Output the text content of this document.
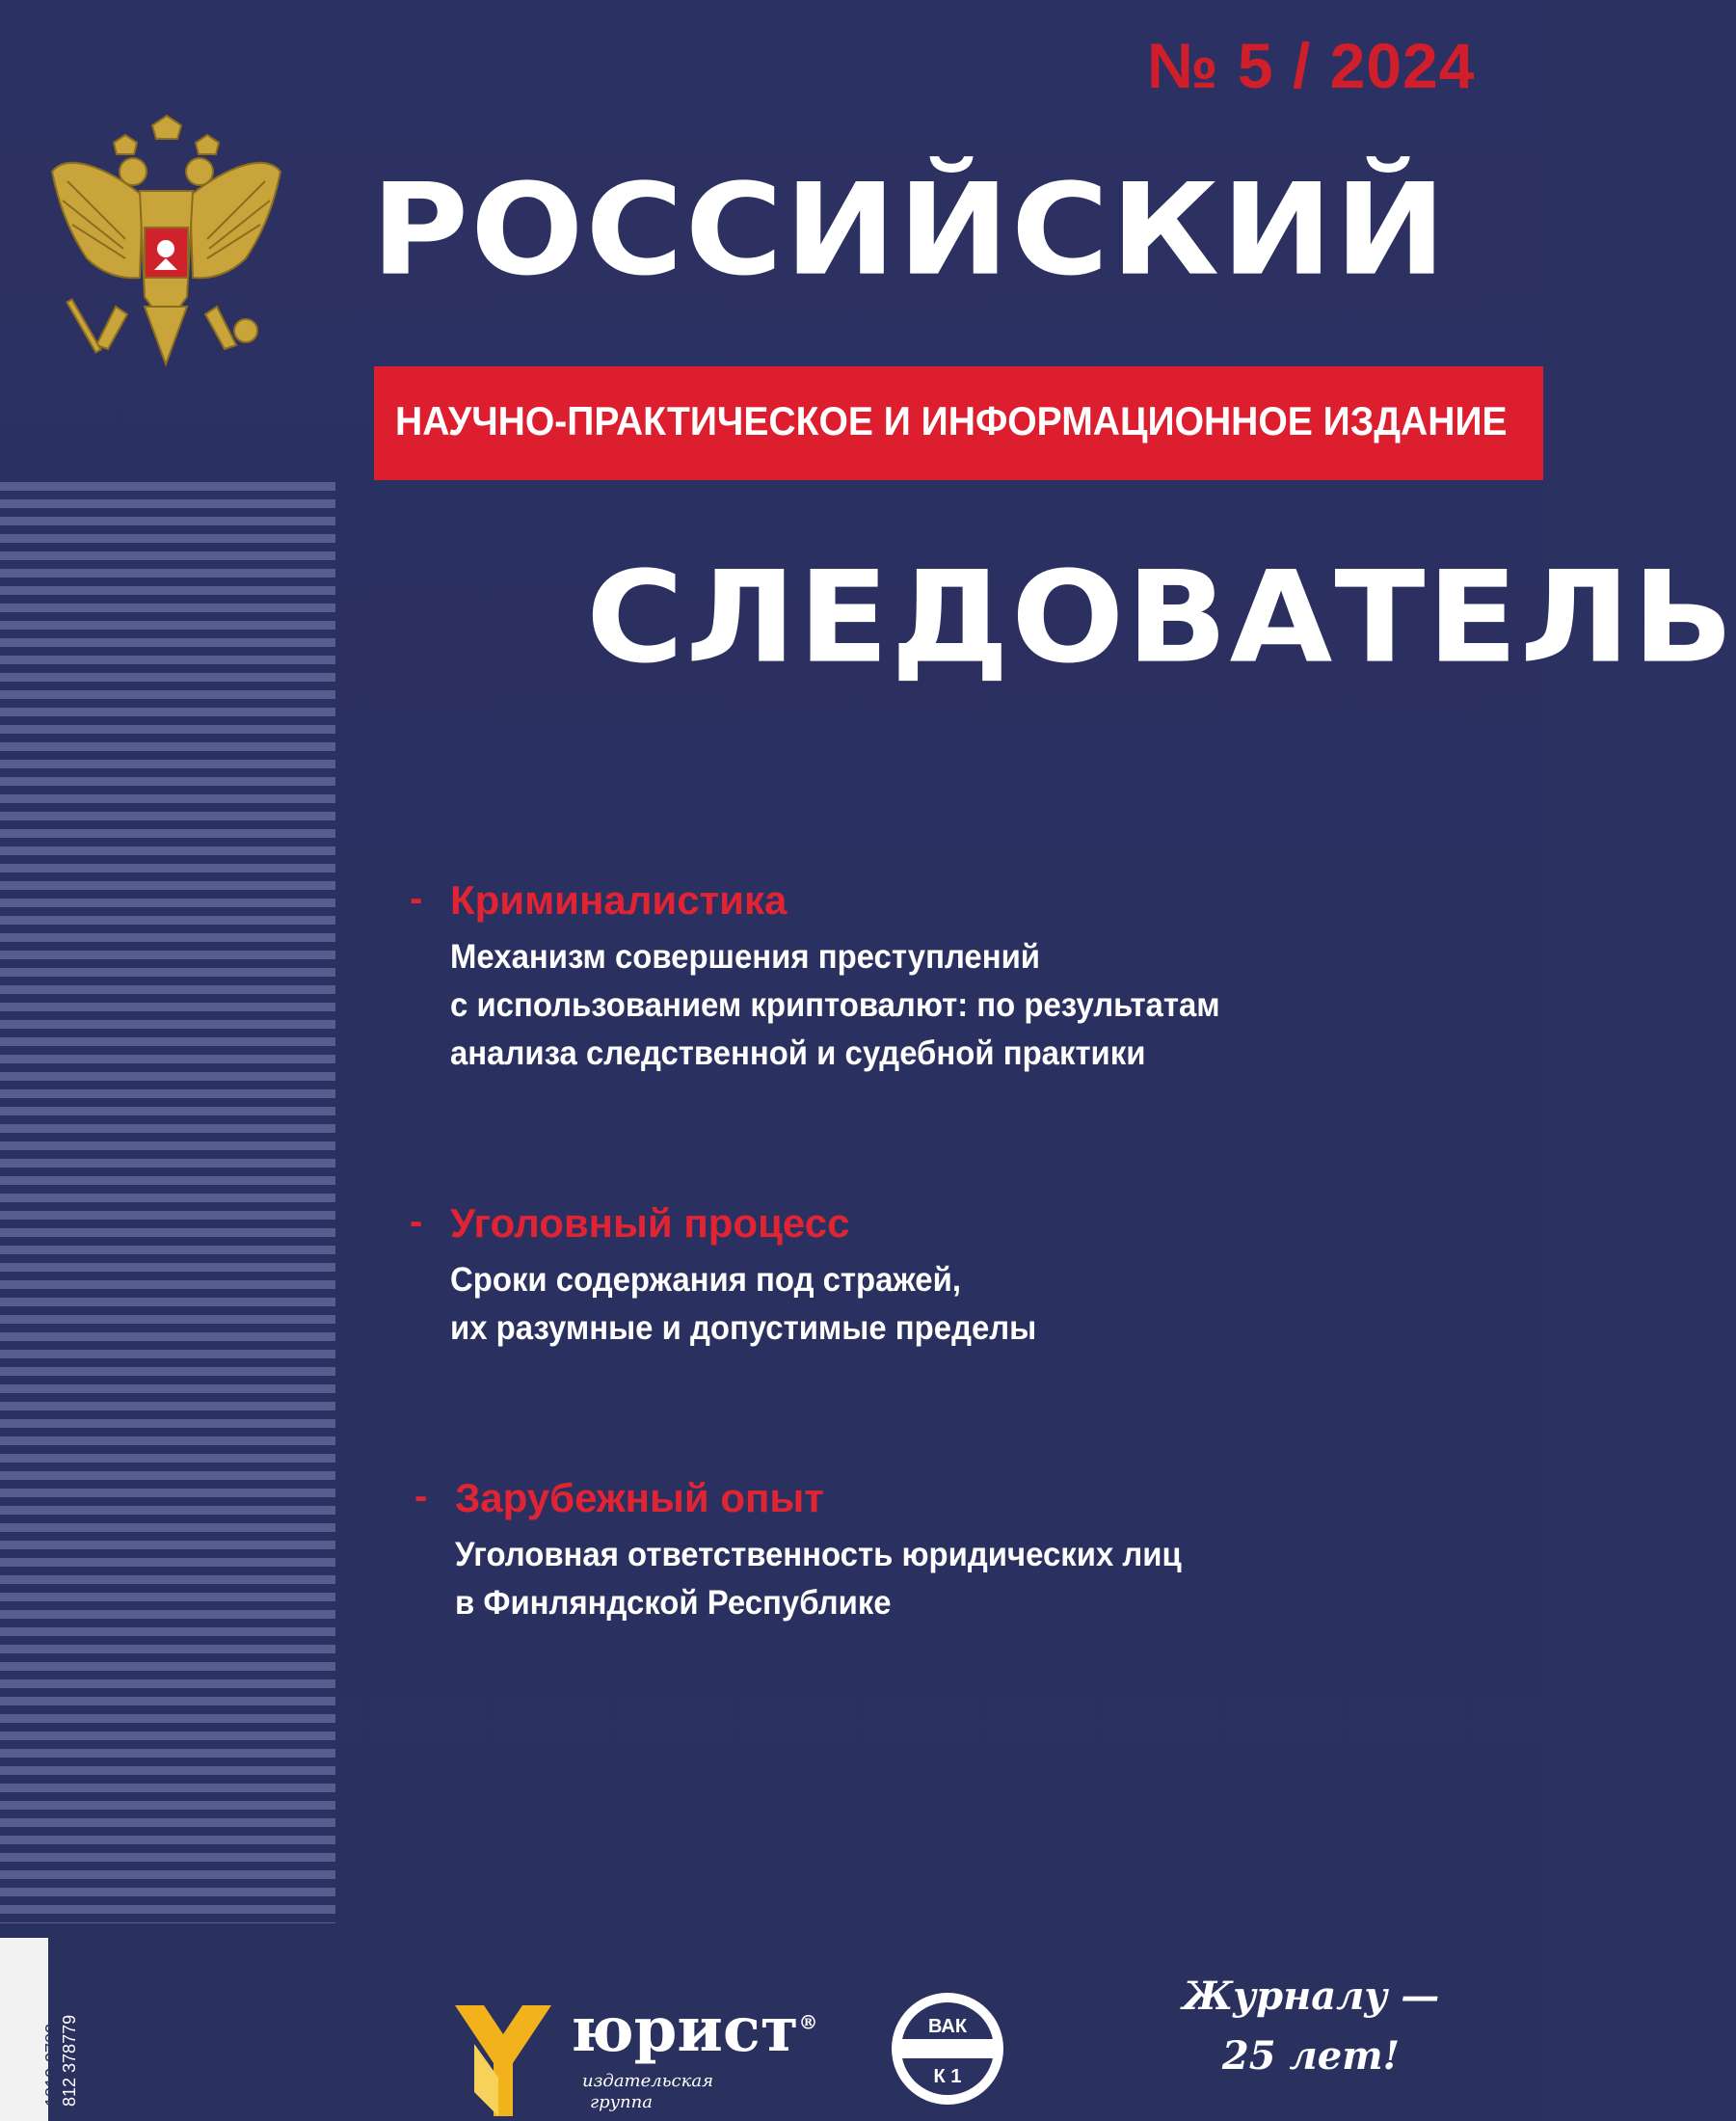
№ 5 / 2024
РОССИЙСКИЙ
НАУЧНО-ПРАКТИЧЕСКОЕ И ИНФОРМАЦИОННОЕ ИЗДАНИЕ
СЛЕДОВАТЕЛЬ
- Криминалистика
Механизм совершения преступлений
с использованием криптовалют: по результатам
анализа следственной и судебной практики
- Уголовный процесс
Сроки содержания под стражей,
их разумные и допустимые пределы
- Зарубежный опыт
Уголовная ответственность юридических лиц
в Финляндской Республике
1812-3783
812 378779	юрист®
издательская
группа
ВАК
К 1
Журналу —
25 лет!
